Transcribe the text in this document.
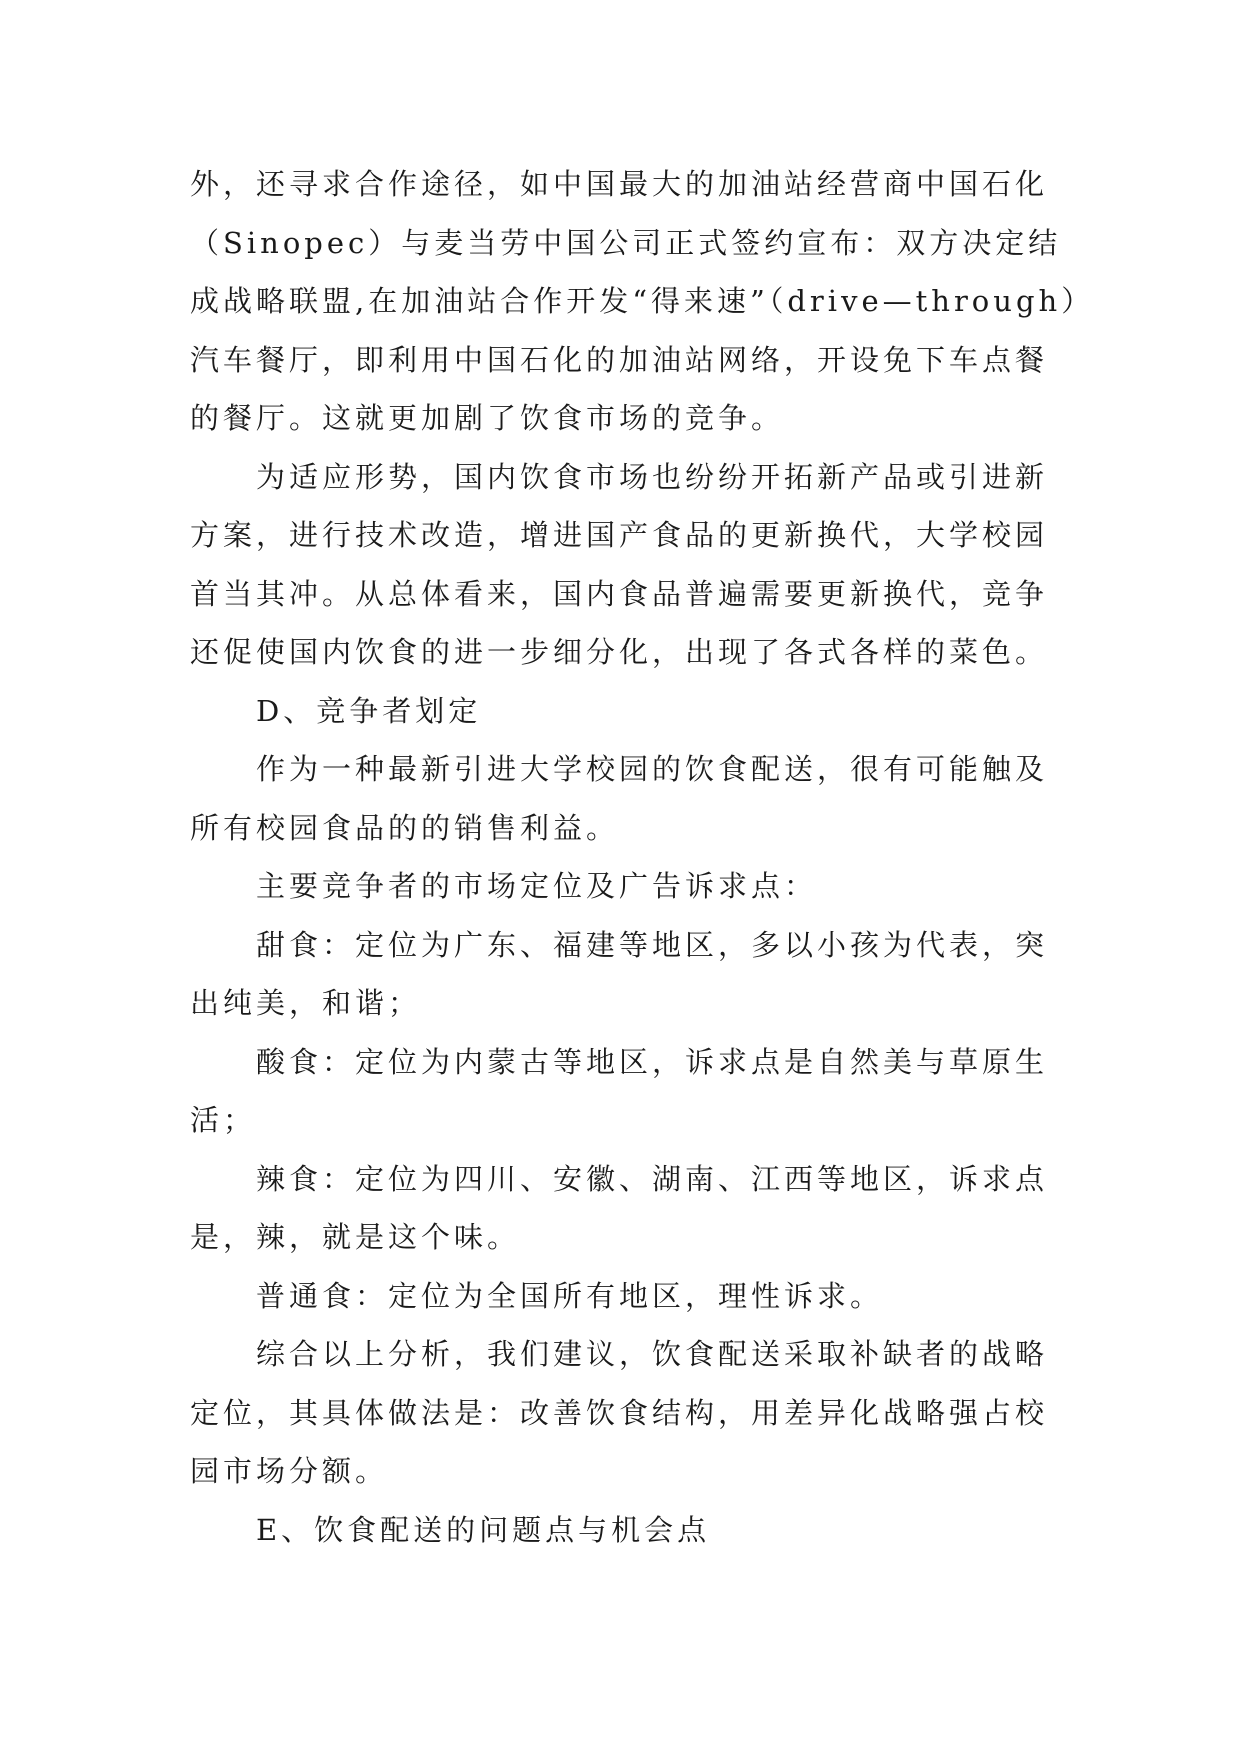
外，还寻求合作途径，如中国最大的加油站经营商中国石化
（Sinopec）与麦当劳中国公司正式签约宣布：双方决定结
成战略联盟,在加油站合作开发“得来速”（drive—through）
汽车餐厅，即利用中国石化的加油站网络，开设免下车点餐
的餐厅。这就更加剧了饮食市场的竞争。
为适应形势，国内饮食市场也纷纷开拓新产品或引进新
方案，进行技术改造，增进国产食品的更新换代，大学校园
首当其冲。从总体看来，国内食品普遍需要更新换代，竞争
还促使国内饮食的进一步细分化，出现了各式各样的菜色。
D、竞争者划定
作为一种最新引进大学校园的饮食配送，很有可能触及
所有校园食品的的销售利益。
主要竞争者的市场定位及广告诉求点：
甜食：定位为广东、福建等地区，多以小孩为代表，突
出纯美，和谐；
酸食：定位为内蒙古等地区，诉求点是自然美与草原生
活；
辣食：定位为四川、安徽、湖南、江西等地区，诉求点
是，辣，就是这个味。
普通食：定位为全国所有地区，理性诉求。
综合以上分析，我们建议，饮食配送采取补缺者的战略
定位，其具体做法是：改善饮食结构，用差异化战略强占校
园市场分额。
E、饮食配送的问题点与机会点
